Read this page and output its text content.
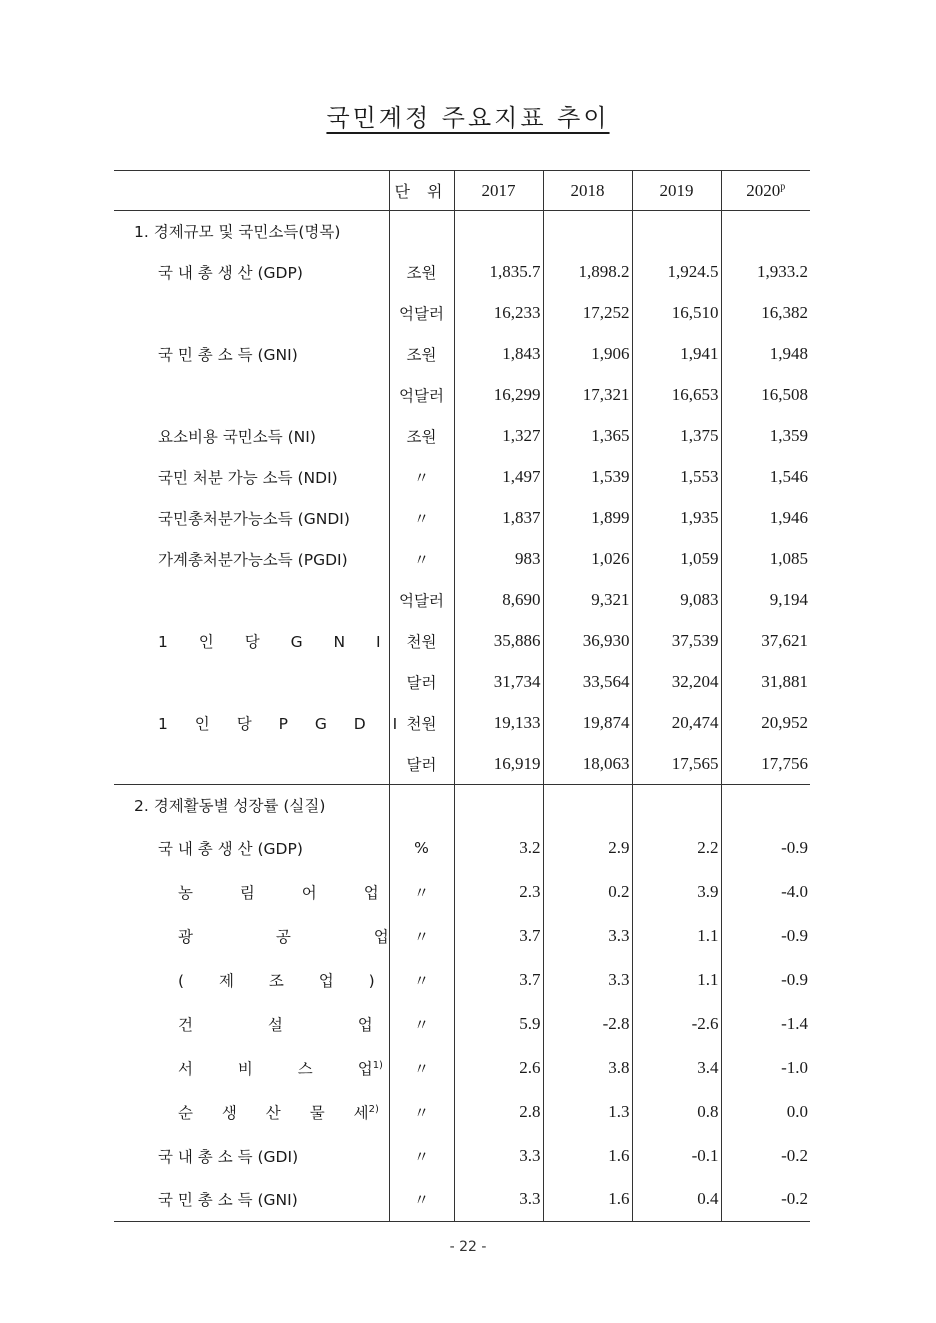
국민계정 주요지표 추이
	단 위	2017	2018	2019	2020$^p$
1. 경제규모 및 국민소득(명목)					
국 내 총 생 산 (GDP)	조원	1,835.7	1,898.2	1,924.5	1,933.2
	억달러	16,233	17,252	16,510	16,382
국 민 총 소 득 (GNI)	조원	1,843	1,906	1,941	1,948
	억달러	16,299	17,321	16,653	16,508
요소비용 국민소득 (NI)	조원	1,327	1,365	1,375	1,359
국민 처분 가능 소득 (NDI)	〃	1,497	1,539	1,553	1,546
국민총처분가능소득 (GNDI)	〃	1,837	1,899	1,935	1,946
가계총처분가능소득 (PGDI)	〃	983	1,026	1,059	1,085
	억달러	8,690	9,321	9,083	9,194
1 인 당 G N I	천원	35,886	36,930	37,539	37,621
	달러	31,734	33,564	32,204	31,881
1 인 당 P G D I	천원	19,133	19,874	20,474	20,952
	달러	16,919	18,063	17,565	17,756
2. 경제활동별 성장률 (실질)					
국 내 총 생 산 (GDP)	%	3.2	2.9	2.2	-0.9
농 림 어 업	〃	2.3	0.2	3.9	-4.0
광 공 업	〃	3.7	3.3	1.1	-0.9
( 제 조 업 )	〃	3.7	3.3	1.1	-0.9
건 설 업	〃	5.9	-2.8	-2.6	-1.4
서 비 스 업$^{1)}$	〃	2.6	3.8	3.4	-1.0
순 생 산 물 세$^{2)}$	〃	2.8	1.3	0.8	0.0
국 내 총 소 득 (GDI)	〃	3.3	1.6	-0.1	-0.2
국 민 총 소 득 (GNI)	〃	3.3	1.6	0.4	-0.2
- 22 -
